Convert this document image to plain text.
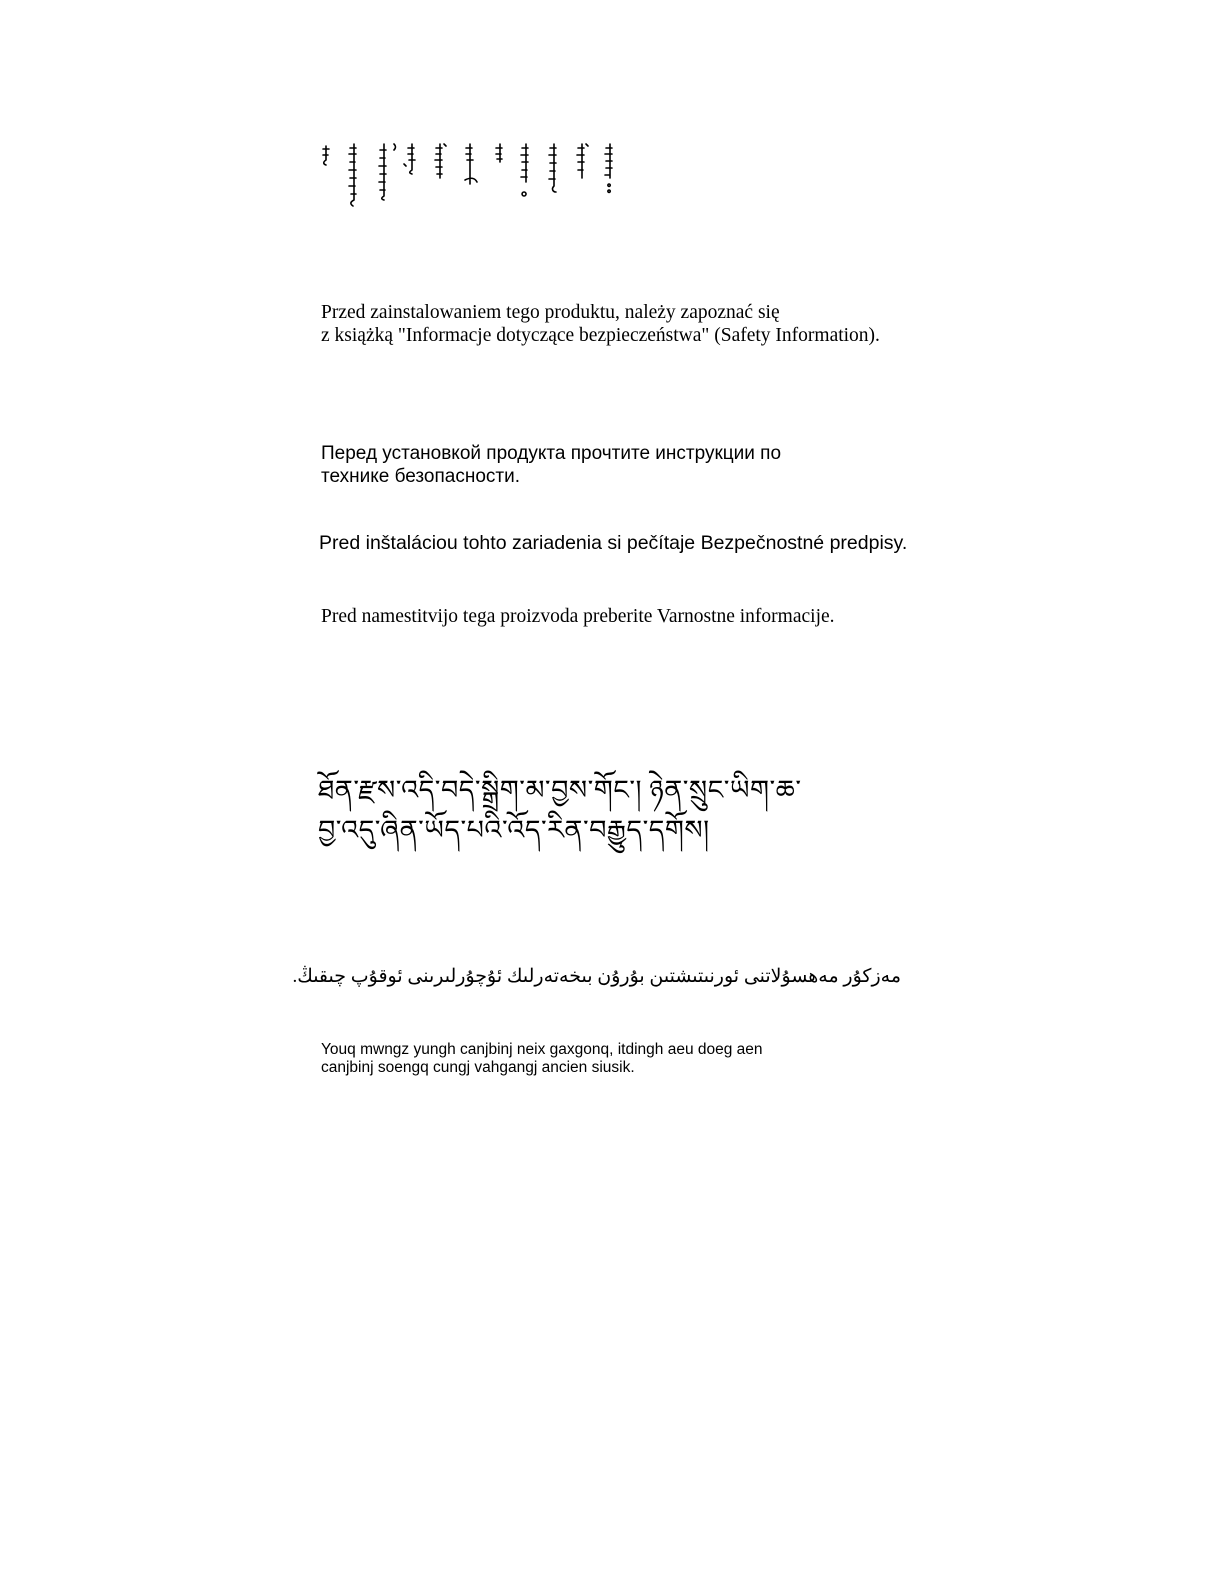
Przed zainstalowaniem tego produktu, należy zapoznać się
z książką "Informacje dotyczące bezpieczeństwa" (Safety Information).

Перед установкой продукта прочтите инструкции по
технике безопасности.

Pred inštaláciou tohto zariadenia si pečítaje Bezpečnostné predpisy.

Pred namestitvijo tega proizvoda preberite Varnostne informacije.

ཐོན་རྫས་འདི་བདེ་སྒྲིག་མ་བྱས་གོང་། ཉེན་སྲུང་ཡིག་ཆ་
བྱ་འདུ་ཞིན་ཡོད་པའི་འོད་རིན་བརྒྱུད་དགོས།

مەزكۇر مەھسۇلاتنى ئورنىتىشتىن بۇرۇن بىخەتەرلىك ئۇچۇرلىرىنى ئوقۇپ چىقىڭ.

Youq mwngz yungh canjbinj neix gaxgonq, itdingh aeu doeg aen
canjbinj soengq cungj vahgangj ancien siusik.
